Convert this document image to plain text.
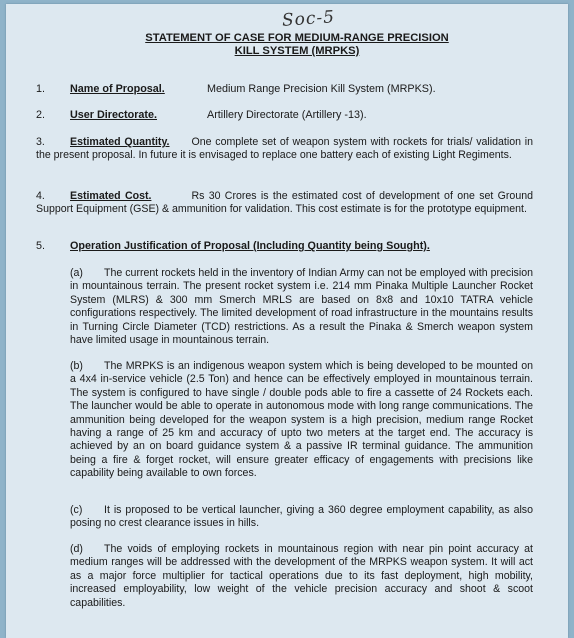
Soc-5
STATEMENT OF CASE FOR MEDIUM-RANGE PRECISION
KILL SYSTEM (MRPKS)
1. Name of Proposal.	Medium Range Precision Kill System (MRPKS).
2. User Directorate.	Artillery Directorate (Artillery -13).
3. Estimated Quantity. One complete set of weapon system with rockets for trials/ validation in the present proposal. In future it is envisaged to replace one battery each of existing Light Regiments.
4. Estimated Cost.	Rs 30 Crores is the estimated cost of development of one set Ground Support Equipment (GSE) & ammunition for validation. This cost estimate is for the prototype equipment.
5. Operation Justification of Proposal (Including Quantity being Sought).
(a) The current rockets held in the inventory of Indian Army can not be employed with precision in mountainous terrain. The present rocket system i.e. 214 mm Pinaka Multiple Launcher Rocket System (MLRS) & 300 mm Smerch MRLS are based on 8x8 and 10x10 TATRA vehicle configurations respectively. The limited development of road infrastructure in the mountains results in Turning Circle Diameter (TCD) restrictions. As a result the Pinaka & Smerch weapon system have limited usage in mountainous terrain.
(b) The MRPKS is an indigenous weapon system which is being developed to be mounted on a 4x4 in-service vehicle (2.5 Ton) and hence can be effectively employed in mountainous terrain. The system is configured to have single / double pods able to fire a cassette of 24 Rockets each. The launcher would be able to operate in autonomous mode with long range communications. The ammunition being developed for the weapon system is a high precision, medium range Rocket having a range of 25 km and accuracy of upto two meters at the target end. The accuracy is achieved by an on board guidance system & a passive IR terminal guidance. The ammunition being a fire & forget rocket, will ensure greater efficacy of engagements with precisions like capability being available to own forces.
(c) It is proposed to be vertical launcher, giving a 360 degree employment capability, as also posing no crest clearance issues in hills.
(d) The voids of employing rockets in mountainous region with near pin point accuracy at medium ranges will be addressed with the development of the MRPKS weapon system. It will act as a major force multiplier for tactical operations due to its fast deployment, high mobility, increased employability, low weight of the vehicle precision accuracy and shoot & scoot capabilities.
